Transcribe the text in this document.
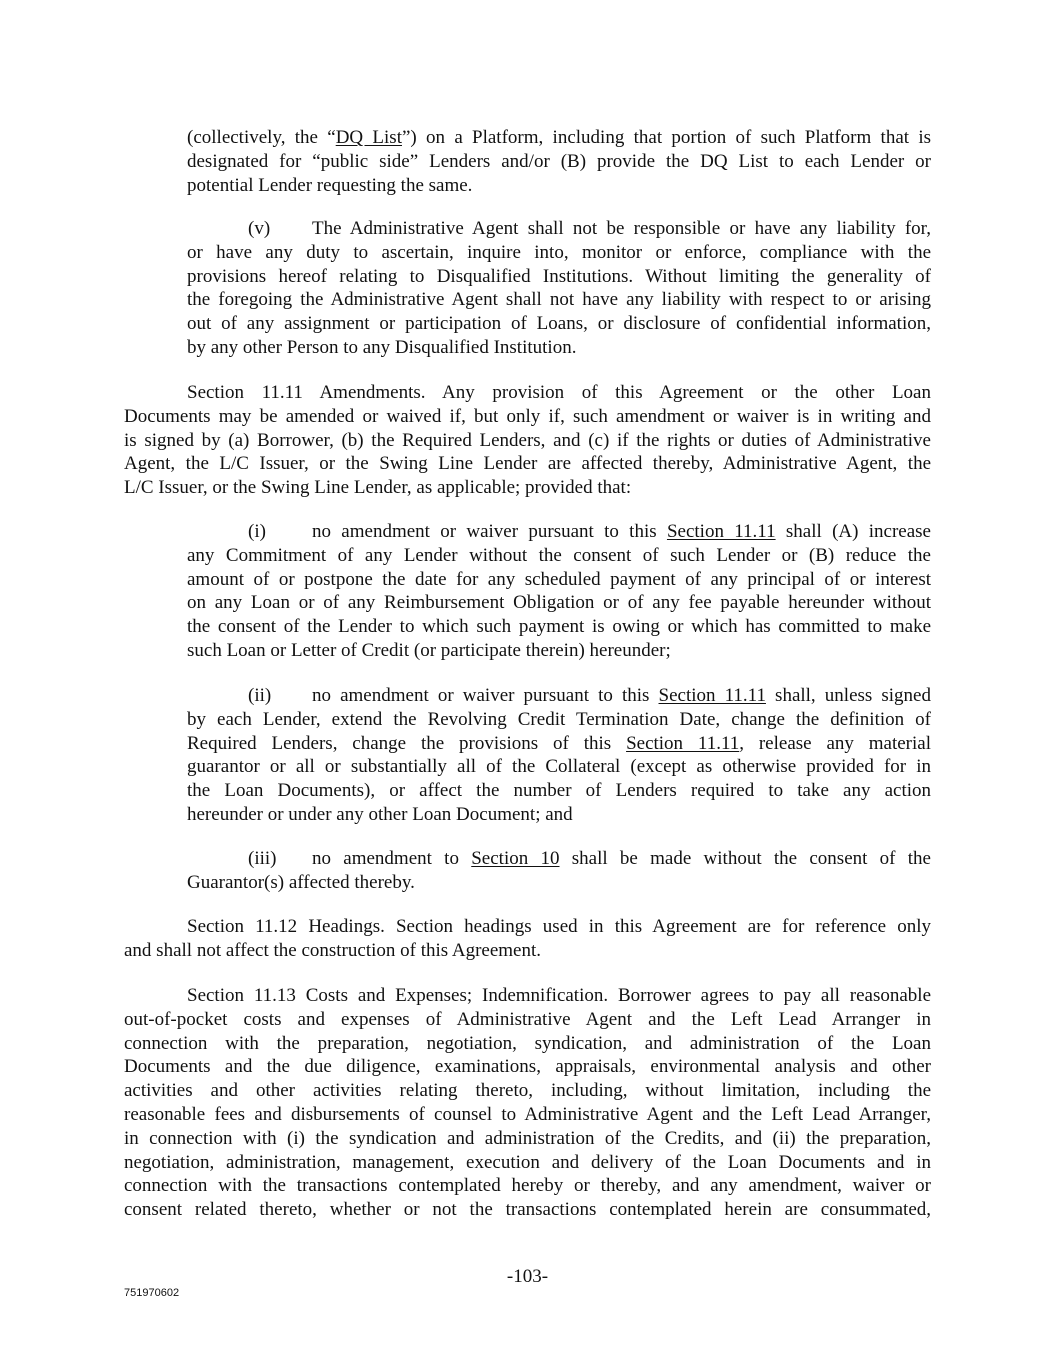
(collectively, the “DQ List”) on a Platform, including that portion of such Platform that is
designated for “public side” Lenders and/or (B) provide the DQ List to each Lender or
potential Lender requesting the same.
(v) The Administrative Agent shall not be responsible or have any liability for,
or have any duty to ascertain, inquire into, monitor or enforce, compliance with the
provisions hereof relating to Disqualified Institutions. Without limiting the generality of
the foregoing the Administrative Agent shall not have any liability with respect to or arising
out of any assignment or participation of Loans, or disclosure of confidential information,
by any other Person to any Disqualified Institution.
Section 11.11 Amendments. Any provision of this Agreement or the other Loan
Documents may be amended or waived if, but only if, such amendment or waiver is in writing and
is signed by (a) Borrower, (b) the Required Lenders, and (c) if the rights or duties of Administrative
Agent, the L/C Issuer, or the Swing Line Lender are affected thereby, Administrative Agent, the
L/C Issuer, or the Swing Line Lender, as applicable; provided that:
(i) no amendment or waiver pursuant to this Section 11.11 shall (A) increase
any Commitment of any Lender without the consent of such Lender or (B) reduce the
amount of or postpone the date for any scheduled payment of any principal of or interest
on any Loan or of any Reimbursement Obligation or of any fee payable hereunder without
the consent of the Lender to which such payment is owing or which has committed to make
such Loan or Letter of Credit (or participate therein) hereunder;
(ii) no amendment or waiver pursuant to this Section 11.11 shall, unless signed
by each Lender, extend the Revolving Credit Termination Date, change the definition of
Required Lenders, change the provisions of this Section 11.11, release any material
guarantor or all or substantially all of the Collateral (except as otherwise provided for in
the Loan Documents), or affect the number of Lenders required to take any action
hereunder or under any other Loan Document; and
(iii) no amendment to Section 10 shall be made without the consent of the
Guarantor(s) affected thereby.
Section 11.12 Headings. Section headings used in this Agreement are for reference only
and shall not affect the construction of this Agreement.
Section 11.13 Costs and Expenses; Indemnification. Borrower agrees to pay all reasonable
out-of-pocket costs and expenses of Administrative Agent and the Left Lead Arranger in
connection with the preparation, negotiation, syndication, and administration of the Loan
Documents and the due diligence, examinations, appraisals, environmental analysis and other
activities and other activities relating thereto, including, without limitation, including the
reasonable fees and disbursements of counsel to Administrative Agent and the Left Lead Arranger,
in connection with (i) the syndication and administration of the Credits, and (ii) the preparation,
negotiation, administration, management, execution and delivery of the Loan Documents and in
connection with the transactions contemplated hereby or thereby, and any amendment, waiver or
consent related thereto, whether or not the transactions contemplated herein are consummated,
-103-
751970602
